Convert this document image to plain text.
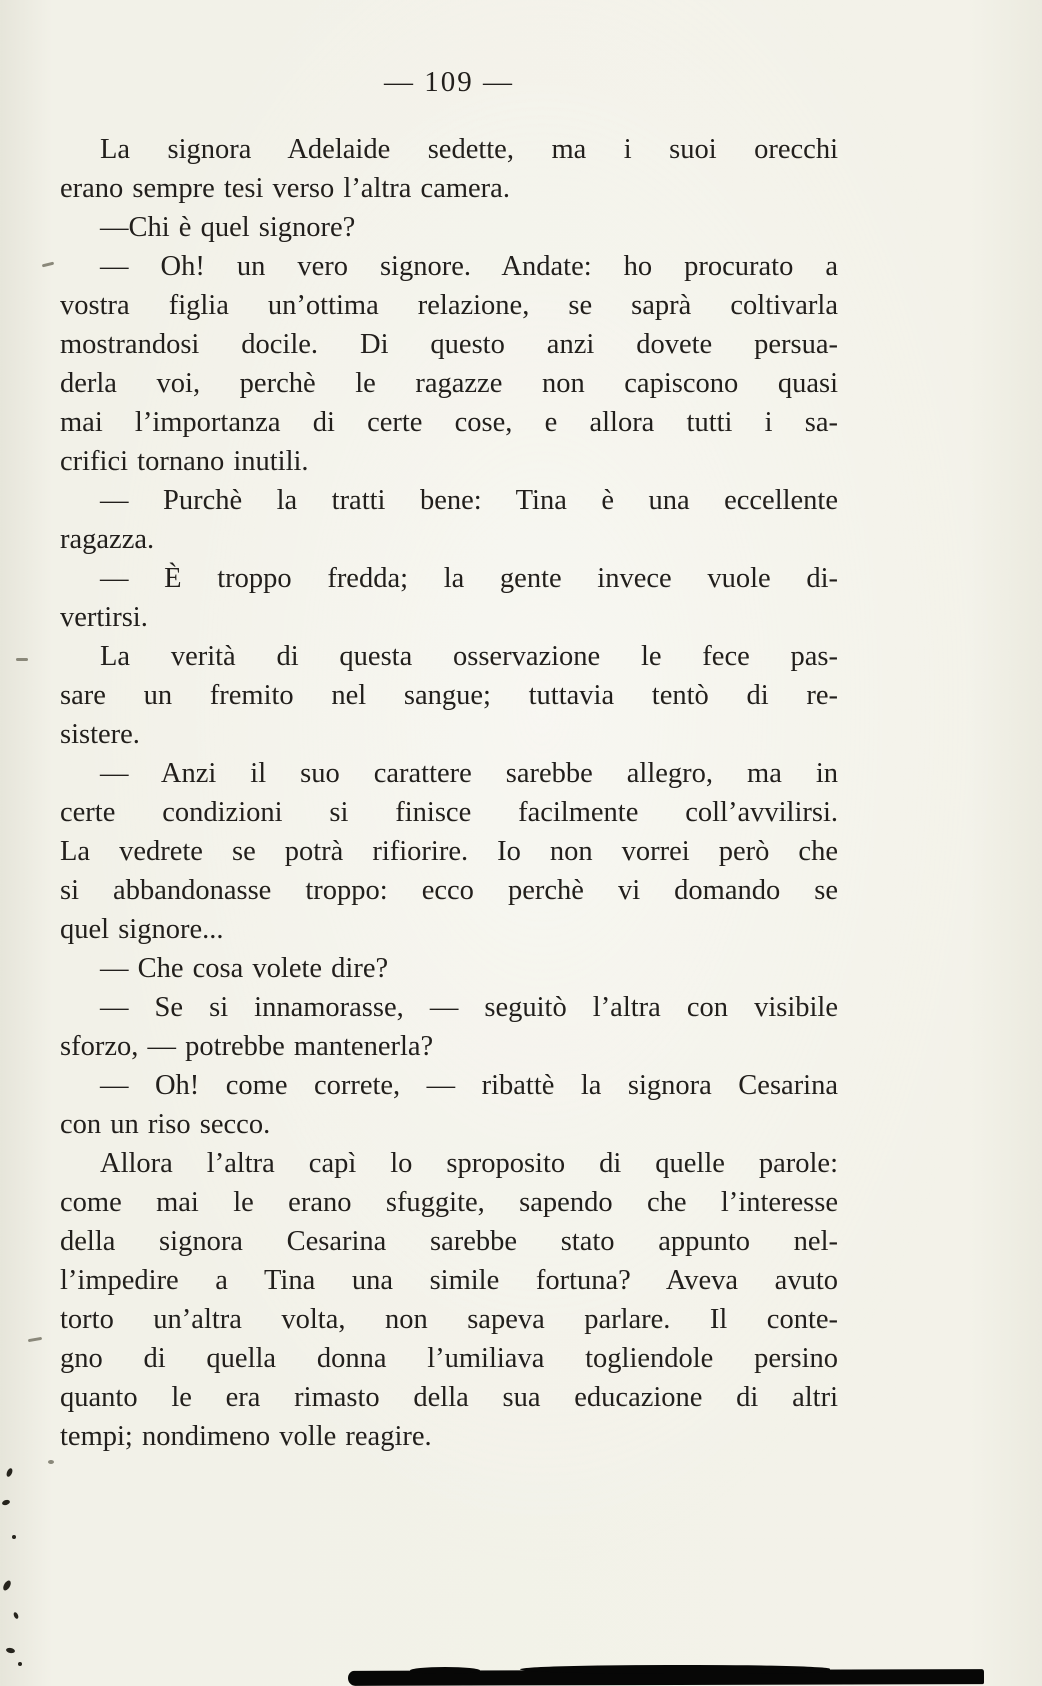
— 109 —
La signora Adelaide sedette, ma i suoi orecchi
erano sempre tesi verso l’altra camera.
—Chi è quel signore?
— Oh! un vero signore. Andate: ho procurato a
vostra figlia un’ottima relazione, se saprà coltivarla
mostrandosi docile. Di questo anzi dovete persua-
derla voi, perchè le ragazze non capiscono quasi
mai l’importanza di certe cose, e allora tutti i sa-
crifici tornano inutili.
— Purchè la tratti bene: Tina è una eccellente
ragazza.
— È troppo fredda; la gente invece vuole di-
vertirsi.
La verità di questa osservazione le fece pas-
sare un fremito nel sangue; tuttavia tentò di re-
sistere.
— Anzi il suo carattere sarebbe allegro, ma in
certe condizioni si finisce facilmente coll’avvilirsi.
La vedrete se potrà rifiorire. Io non vorrei però che
si abbandonasse troppo: ecco perchè vi domando se
quel signore...
— Che cosa volete dire?
— Se si innamorasse, — seguitò l’altra con visibile
sforzo, — potrebbe mantenerla?
— Oh! come correte, — ribattè la signora Cesarina
con un riso secco.
Allora l’altra capì lo sproposito di quelle parole:
come mai le erano sfuggite, sapendo che l’interesse
della signora Cesarina sarebbe stato appunto nel-
l’impedire a Tina una simile fortuna? Aveva avuto
torto un’altra volta, non sapeva parlare. Il conte-
gno di quella donna l’umiliava togliendole persino
quanto le era rimasto della sua educazione di altri
tempi; nondimeno volle reagire.
